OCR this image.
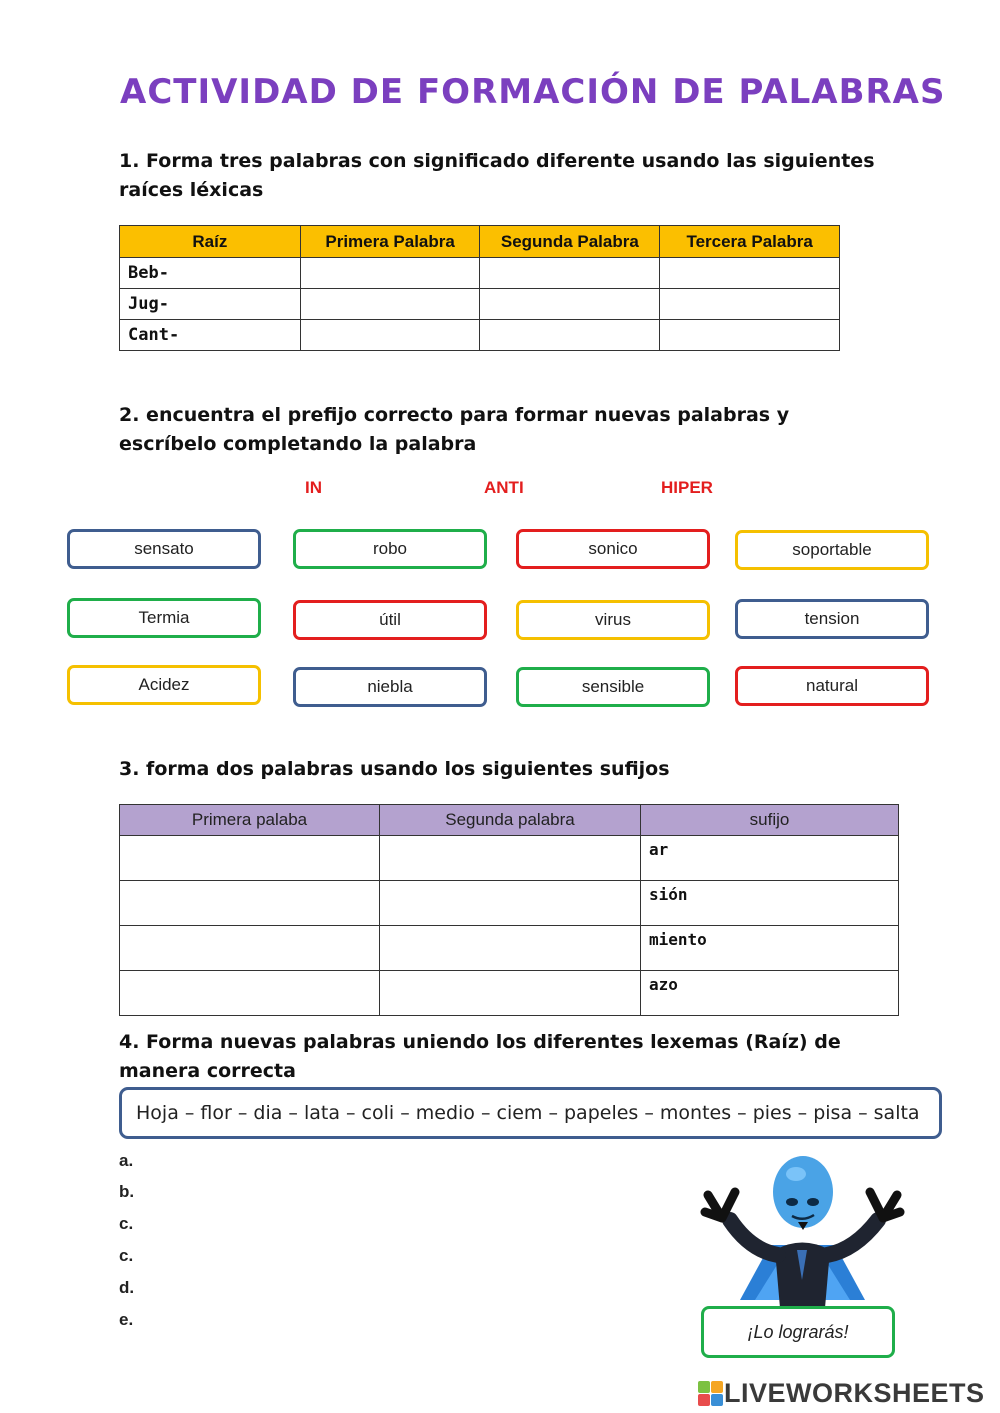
ACTIVIDAD DE FORMACIÓN DE PALABRAS
1. Forma tres palabras con significado diferente usando las siguientes
raíces léxicas
Raíz	Primera Palabra	Segunda Palabra	Tercera Palabra
Beb-			
Jug-			
Cant-			
2. encuentra el prefijo correcto para formar nuevas palabras y
escríbelo completando la palabra
IN	ANTI	HIPER
sensato	robo	sonico	soportable
Termia	útil	virus	tension
Acidez	niebla	sensible	natural
3. forma dos palabras usando los siguientes sufijos
Primera palaba	Segunda palabra	sufijo
		ar
		sión
		miento
		azo
4. Forma nuevas palabras uniendo los diferentes lexemas (Raíz) de
manera correcta
Hoja – flor – dia – lata – coli – medio – ciem – papeles – montes – pies – pisa – salta
a.
b.
c.
c.
d.
e.
¡Lo lograrás!
LIVEWORKSHEETS
